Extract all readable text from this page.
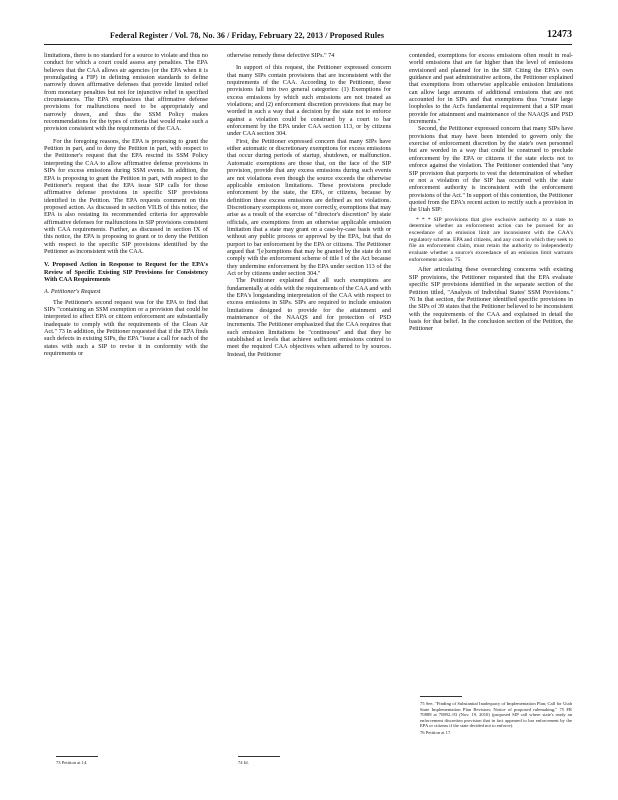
Federal Register / Vol. 78, No. 36 / Friday, February 22, 2013 / Proposed Rules	12473

limitations, there is no standard for a source to violate and thus no conduct for which a court could assess any penalties. The EPA believes that the CAA allows air agencies (or the EPA when it is promulgating a FIP) in defining emission standards to define narrowly drawn affirmative defenses that provide limited relief from monetary penalties but not for injunctive relief in specified circumstances. The EPA emphasizes that affirmative defense provisions for malfunctions need to be appropriately and narrowly drawn, and thus the SSM Policy makes recommendations for the types of criteria that would make such a provision consistent with the requirements of the CAA.

For the foregoing reasons, the EPA is proposing to grant the Petition in part, and to deny the Petition in part, with respect to the Petitioner's request that the EPA rescind its SSM Policy interpreting the CAA to allow affirmative defense provisions in SIPs for excess emissions during SSM events. In addition, the EPA is proposing to grant the Petition in part, with respect to the Petitioner's request that the EPA issue SIP calls for those affirmative defense provisions in specific SIP provisions identified in the Petition. The EPA requests comment on this proposed action. As discussed in section VII.B of this notice, the EPA is also restating its recommended criteria for approvable affirmative defenses for malfunctions in SIP provisions consistent with CAA requirements. Further, as discussed in section IX of this notice, the EPA is proposing to grant or to deny the Petition with respect to the specific SIP provisions identified by the Petitioner as inconsistent with the CAA.

V. Proposed Action in Response to Request for the EPA's Review of Specific Existing SIP Provisions for Consistency With CAA Requirements

A. Petitioner's Request

The Petitioner's second request was for the EPA to find that SIPs "containing an SSM exemption or a provision that could be interpreted to affect EPA or citizen enforcement are substantially inadequate to comply with the requirements of the Clean Air Act." 73 In addition, the Petitioner requested that if the EPA finds such defects in existing SIPs, the EPA "issue a call for each of the states with such a SIP to revise it in conformity with the requirements or

otherwise remedy these defective SIPs." 74

In support of this request, the Petitioner expressed concern that many SIPs contain provisions that are inconsistent with the requirements of the CAA. According to the Petitioner, these provisions fall into two general categories: (1) Exemptions for excess emissions by which such emissions are not treated as violations; and (2) enforcement discretion provisions that may be worded in such a way that a decision by the state not to enforce against a violation could be construed by a court to bar enforcement by the EPA under CAA section 113, or by citizens under CAA section 304.

First, the Petitioner expressed concern that many SIPs have either automatic or discretionary exemptions for excess emissions that occur during periods of startup, shutdown, or malfunction. Automatic exemptions are those that, on the face of the SIP provision, provide that any excess emissions during such events are not violations even though the source exceeds the otherwise applicable emission limitations. These provisions preclude enforcement by the state, the EPA, or citizens, because by definition these excess emissions are defined as not violations. Discretionary exemptions or, more correctly, exemptions that may arise as a result of the exercise of "director's discretion" by state officials, are exemptions from an otherwise applicable emission limitation that a state may grant on a case-by-case basis with or without any public process or approval by the EPA, but that do purport to bar enforcement by the EPA or citizens. The Petitioner argued that "[e]xemptions that may be granted by the state do not comply with the enforcement scheme of title I of the Act because they undermine enforcement by the EPA under section 113 of the Act or by citizens under section 304."

The Petitioner explained that all such exemptions are fundamentally at odds with the requirements of the CAA and with the EPA's longstanding interpretation of the CAA with respect to excess emissions in SIPs. SIPs are required to include emission limitations designed to provide for the attainment and maintenance of the NAAQS and for protection of PSD increments. The Petitioner emphasized that the CAA requires that such emission limitations be "continuous" and that they be established at levels that achieve sufficient emissions control to meet the required CAA objectives when adhered to by sources. Instead, the Petitioner

contended, exemptions for excess emissions often result in real-world emissions that are far higher than the level of emissions envisioned and planned for in the SIP. Citing the EPA's own guidance and past administrative actions, the Petitioner explained that exemptions from otherwise applicable emission limitations can allow large amounts of additional emissions that are not accounted for in SIPs and that exemptions thus "create large loopholes to the Act's fundamental requirement that a SIP must provide for attainment and maintenance of the NAAQS and PSD increments."

Second, the Petitioner expressed concern that many SIPs have provisions that may have been intended to govern only the exercise of enforcement discretion by the state's own personnel but are worded in a way that could be construed to preclude enforcement by the EPA or citizens if the state elects not to enforce against the violation. The Petitioner contended that "any SIP provision that purports to vest the determination of whether or not a violation of the SIP has occurred with the state enforcement authority is inconsistent with the enforcement provisions of the Act." In support of this contention, the Petitioner quoted from the EPA's recent action to rectify such a provision in the Utah SIP:

* * * SIP provisions that give exclusive authority to a state to determine whether an enforcement action can be pursued for an exceedance of an emission limit are inconsistent with the CAA's regulatory scheme. EPA and citizens, and any court in which they seek to file an enforcement claim, must retain the authority to independently evaluate whether a source's exceedance of an emission limit warrants enforcement action. 75

After articulating these overarching concerns with existing SIP provisions, the Petitioner requested that the EPA evaluate specific SIP provisions identified in the separate section of the Petition titled, "Analysis of Individual States' SSM Provisions." 76 In that section, the Petitioner identified specific provisions in the SIPs of 39 states that the Petitioner believed to be inconsistent with the requirements of the CAA and explained in detail the basis for that belief. In the conclusion section of the Petition, the Petitioner

73 Petition at 14.	74 Id.
75 See, "Finding of Substantial Inadequacy of Implementation Plan; Call for Utah State Implementation Plan Revision; Notice of proposed rulemaking," 75 FR 70888 at 70892–93 (Nov. 19, 2010) (proposed SIP call where state's ready an enforcement discretion provision that in fact appeared to bar enforcement by the EPA or citizens if the state decided not to enforce).
76 Petition at 17.
